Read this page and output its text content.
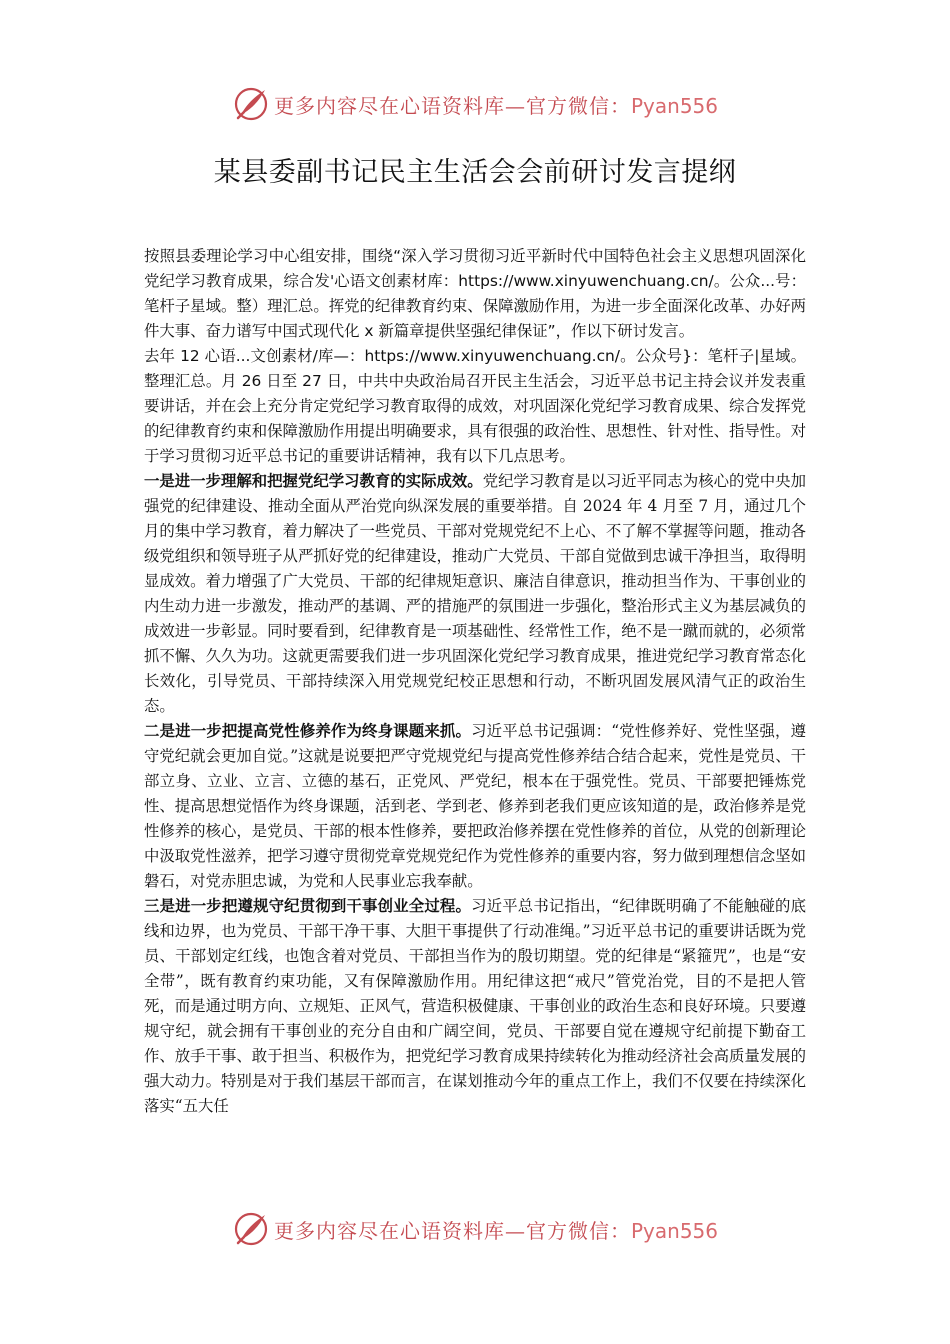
更多内容尽在心语资料库—官方微信：Pyan556
某县委副书记民主生活会会前研讨发言提纲

按照县委理论学习中心组安排，围绕“深入学习贯彻习近平新时代中国特色社会主义思想巩固深化党纪学习教育成果，综合发'心语文创素材库：https://www.xinyuwenchuang.cn/。公众...号：笔杆子星域。整）理汇总。挥党的纪律教育约束、保障激励作用，为进一步全面深化改革、办好两件大事、奋力谱写中国式现代化 x 新篇章提供坚强纪律保证”，作以下研讨发言。

去年 12 心语...文创素材/库—：https://www.xinyuwenchuang.cn/。公众号}：笔杆子|星域。整理汇总。月 26 日至 27 日，中共中央政治局召开民主生活会，习近平总书记主持会议并发表重要讲话，并在会上充分肯定党纪学习教育取得的成效，对巩固深化党纪学习教育成果、综合发挥党的纪律教育约束和保障激励作用提出明确要求，具有很强的政治性、思想性、针对性、指导性。对于学习贯彻习近平总书记的重要讲话精神，我有以下几点思考。

一是进一步理解和把握党纪学习教育的实际成效。党纪学习教育是以习近平同志为核心的党中央加强党的纪律建设、推动全面从严治党向纵深发展的重要举措。自 2024 年 4 月至 7 月，通过几个月的集中学习教育，着力解决了一些党员、干部对党规党纪不上心、不了解不掌握等问题，推动各级党组织和领导班子从严抓好党的纪律建设，推动广大党员、干部自觉做到忠诚干净担当，取得明显成效。着力增强了广大党员、干部的纪律规矩意识、廉洁自律意识，推动担当作为、干事创业的内生动力进一步激发，推动严的基调、严的措施严的氛围进一步强化，整治形式主义为基层减负的成效进一步彰显。同时要看到，纪律教育是一项基础性、经常性工作，绝不是一蹴而就的，必须常抓不懈、久久为功。这就更需要我们进一步巩固深化党纪学习教育成果，推进党纪学习教育常态化长效化，引导党员、干部持续深入用党规党纪校正思想和行动，不断巩固发展风清气正的政治生态。

二是进一步把提高党性修养作为终身课题来抓。习近平总书记强调：“党性修养好、党性坚强，遵守党纪就会更加自觉。”这就是说要把严守党规党纪与提高党性修养结合结合起来，党性是党员、干部立身、立业、立言、立德的基石，正党风、严党纪，根本在于强党性。党员、干部要把锤炼党性、提高思想觉悟作为终身课题，活到老、学到老、修养到老我们更应该知道的是，政治修养是党性修养的核心，是党员、干部的根本性修养，要把政治修养摆在党性修养的首位，从党的创新理论中汲取党性滋养，把学习遵守贯彻党章党规党纪作为党性修养的重要内容，努力做到理想信念坚如磐石，对党赤胆忠诚，为党和人民事业忘我奉献。

三是进一步把遵规守纪贯彻到干事创业全过程。习近平总书记指出，“纪律既明确了不能触碰的底线和边界，也为党员、干部干净干事、大胆干事提供了行动准绳。”习近平总书记的重要讲话既为党员、干部划定红线，也饱含着对党员、干部担当作为的殷切期望。党的纪律是“紧箍咒”，也是“安全带”，既有教育约束功能，又有保障激励作用。用纪律这把“戒尺”管党治党，目的不是把人管死，而是通过明方向、立规矩、正风气，营造积极健康、干事创业的政治生态和良好环境。只要遵规守纪，就会拥有干事创业的充分自由和广阔空间，党员、干部要自觉在遵规守纪前提下勤奋工作、放手干事、敢于担当、积极作为，把党纪学习教育成果持续转化为推动经济社会高质量发展的强大动力。特别是对于我们基层干部而言，在谋划推动今年的重点工作上，我们不仅要在持续深化落实“五大任

更多内容尽在心语资料库—官方微信：Pyan556
